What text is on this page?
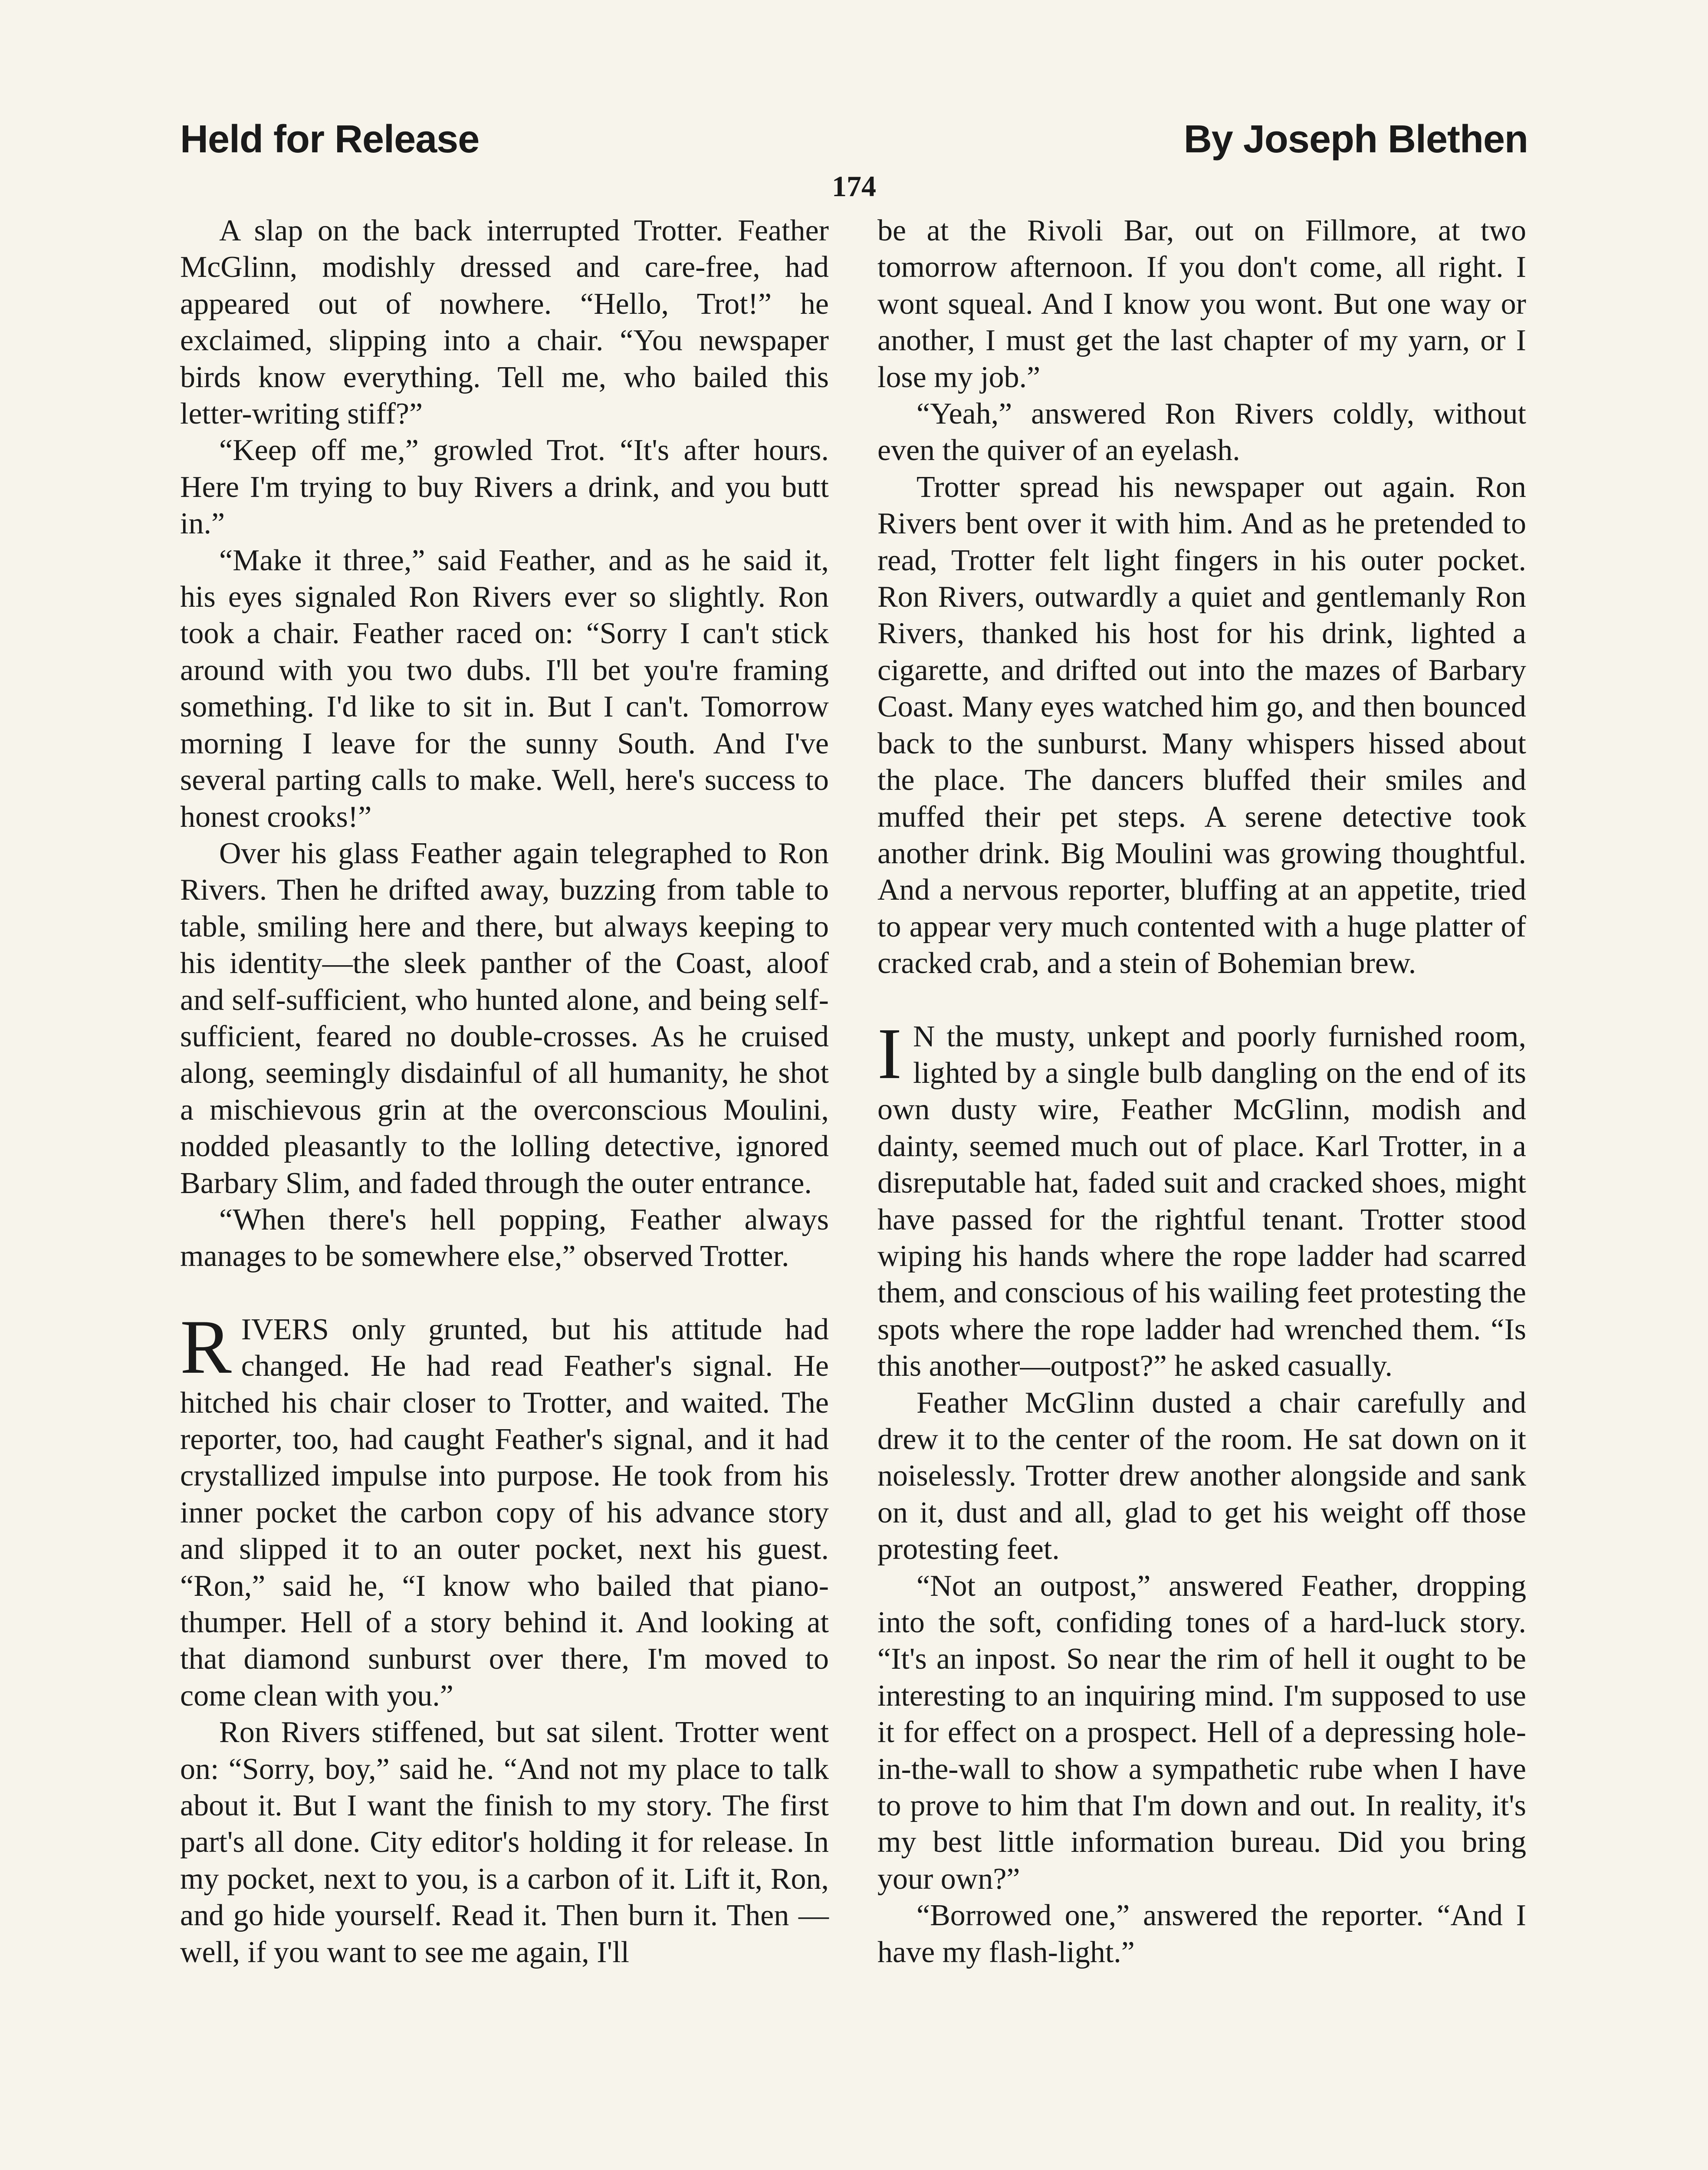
Held for Release	By Joseph Blethen
174

A slap on the back interrupted Trotter. Feather McGlinn, modishly dressed and care-free, had appeared out of nowhere. “Hello, Trot!” he exclaimed, slipping into a chair. “You newspaper birds know everything. Tell me, who bailed this letter-writing stiff?”

“Keep off me,” growled Trot. “It's after hours. Here I'm trying to buy Rivers a drink, and you butt in.”

“Make it three,” said Feather, and as he said it, his eyes signaled Ron Rivers ever so slightly. Ron took a chair. Feather raced on: “Sorry I can't stick around with you two dubs. I'll bet you're framing something. I'd like to sit in. But I can't. Tomorrow morning I leave for the sunny South. And I've several parting calls to make. Well, here's success to honest crooks!”

Over his glass Feather again telegraphed to Ron Rivers. Then he drifted away, buzzing from table to table, smiling here and there, but always keeping to his identity—the sleek panther of the Coast, aloof and self-sufficient, who hunted alone, and being self-sufficient, feared no double-crosses. As he cruised along, seemingly disdainful of all humanity, he shot a mischievous grin at the overconscious Moulini, nodded pleasantly to the lolling detective, ignored Barbary Slim, and faded through the outer entrance.

“When there's hell popping, Feather always manages to be somewhere else,” observed Trotter.

RIVERS only grunted, but his attitude had changed. He had read Feather's signal. He hitched his chair closer to Trotter, and waited. The reporter, too, had caught Feather's signal, and it had crystallized impulse into purpose. He took from his inner pocket the carbon copy of his advance story and slipped it to an outer pocket, next his guest. “Ron,” said he, “I know who bailed that piano-thumper. Hell of a story behind it. And looking at that diamond sunburst over there, I'm moved to come clean with you.”

Ron Rivers stiffened, but sat silent. Trotter went on: “Sorry, boy,” said he. “And not my place to talk about it. But I want the finish to my story. The first part's all done. City editor's holding it for release. In my pocket, next to you, is a carbon of it. Lift it, Ron, and go hide yourself. Read it. Then burn it. Then —well, if you want to see me again, I'll

be at the Rivoli Bar, out on Fillmore, at two tomorrow afternoon. If you don't come, all right. I wont squeal. And I know you wont. But one way or another, I must get the last chapter of my yarn, or I lose my job.”

“Yeah,” answered Ron Rivers coldly, without even the quiver of an eyelash.

Trotter spread his newspaper out again. Ron Rivers bent over it with him. And as he pretended to read, Trotter felt light fingers in his outer pocket. Ron Rivers, outwardly a quiet and gentlemanly Ron Rivers, thanked his host for his drink, lighted a cigarette, and drifted out into the mazes of Barbary Coast. Many eyes watched him go, and then bounced back to the sunburst. Many whispers hissed about the place. The dancers bluffed their smiles and muffed their pet steps. A serene detective took another drink. Big Moulini was growing thoughtful. And a nervous reporter, bluffing at an appetite, tried to appear very much contented with a huge platter of cracked crab, and a stein of Bohemian brew.

I N the musty, unkept and poorly furnished room, lighted by a single bulb dangling on the end of its own dusty wire, Feather McGlinn, modish and dainty, seemed much out of place. Karl Trotter, in a disreputable hat, faded suit and cracked shoes, might have passed for the rightful tenant. Trotter stood wiping his hands where the rope ladder had scarred them, and conscious of his wailing feet protesting the spots where the rope ladder had wrenched them. “Is this another—outpost?” he asked casually.

Feather McGlinn dusted a chair carefully and drew it to the center of the room. He sat down on it noiselessly. Trotter drew another alongside and sank on it, dust and all, glad to get his weight off those protesting feet.

“Not an outpost,” answered Feather, dropping into the soft, confiding tones of a hard-luck story. “It's an inpost. So near the rim of hell it ought to be interesting to an inquiring mind. I'm supposed to use it for effect on a prospect. Hell of a depressing hole-in-the-wall to show a sympathetic rube when I have to prove to him that I'm down and out. In reality, it's my best little information bureau. Did you bring your own?”

“Borrowed one,” answered the reporter. “And I have my flash-light.”
